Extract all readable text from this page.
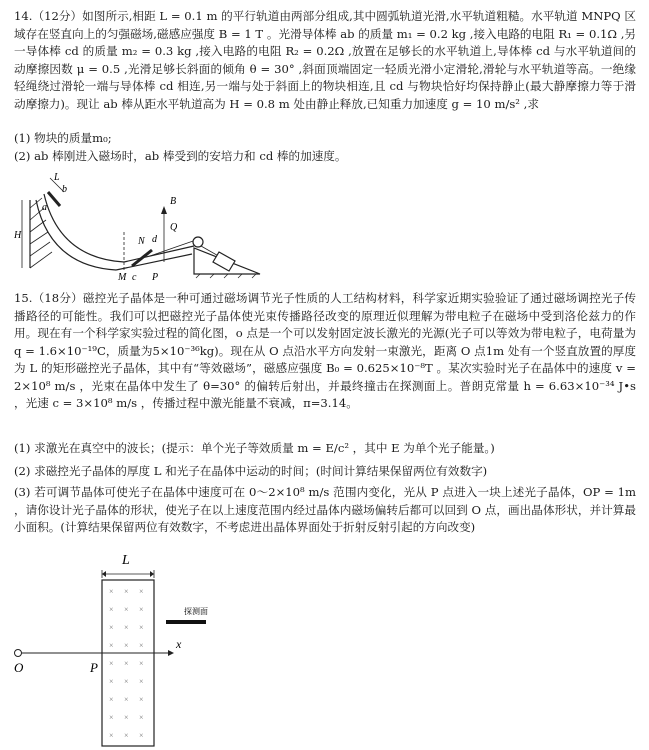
14.（12分）如图所示,相距 L = 0.1 m 的平行轨道由两部分组成,其中圆弧轨道光滑,水平轨道粗糙。水平轨道 MNPQ 区域存在竖直向上的匀强磁场,磁感应强度 B = 1 T 。光滑导体棒 ab 的质量 m₁ = 0.2 kg ,接入电路的电阻 R₁ = 0.1Ω ,另一导体棒 cd 的质量 m₂ = 0.3 kg ,接入电路的电阻 R₂ = 0.2Ω ,放置在足够长的水平轨道上,导体棒 cd 与水平轨道间的动摩擦因数 μ = 0.5 ,光滑足够长斜面的倾角 θ = 30° ,斜面顶端固定一轻质光滑小定滑轮,滑轮与水平轨道等高。一绝缘轻绳绕过滑轮一端与导体棒 cd 相连,另一端与处于斜面上的物块相连,且 cd 与物块恰好均保持静止(最大静摩擦力等于滑动摩擦力)。现让 ab 棒从距水平轨道高为 H = 0.8 m 处由静止释放,已知重力加速度 g = 10 m/s² ,求
(1) 物块的质量m₀;
(2) ab 棒刚进入磁场时，ab 棒受到的安培力和 cd 棒的加速度。
L
a
b
H
M c P
N d
B
Q
15.（18分）磁控光子晶体是一种可通过磁场调节光子性质的人工结构材料，科学家近期实验验证了通过磁场调控光子传播路径的可能性。我们可以把磁控光子晶体使光束传播路径改变的原理近似理解为带电粒子在磁场中受到洛伦兹力的作用。现在有一个科学家实验过程的简化图，o 点是一个可以发射固定波长激光的光源(光子可以等效为带电粒子，电荷量为q = 1.6×10⁻¹⁹C，质量为5×10⁻³⁶kg)。现在从 O 点沿水平方向发射一束激光，距离 O 点1m 处有一个竖直放置的厚度为 L 的矩形磁控光子晶体，其中有“等效磁场”，磁感应强度 B₀ = 0.625×10⁻⁸T 。某次实验时光子在晶体中的速度 v = 2×10⁸ m/s ，光束在晶体中发生了 θ=30° 的偏转后射出，并最终撞击在探测面上。普朗克常量 h = 6.63×10⁻³⁴ J•s ，光速 c = 3×10⁸ m/s ，传播过程中激光能量不衰减，π=3.14。
(1) 求激光在真空中的波长；(提示：单个光子等效质量 m = E/c² ，其中 E 为单个光子能量。)
(2) 求磁控光子晶体的厚度 L 和光子在晶体中运动的时间；(时间计算结果保留两位有效数字)
(3) 若可调节晶体可使光子在晶体中速度可在 0～2×10⁸ m/s 范围内变化，光从 P 点进入一块上述光子晶体，OP = 1m ，请你设计光子晶体的形状，使光子在以上速度范围内经过晶体内磁场偏转后都可以回到 O 点，画出晶体形状，并计算最小面积。(计算结果保留两位有效数字，不考虑进出晶体界面处于折射反射引起的方向改变)
L
× × ×
× × ×
× × ×
× × ×
× × ×
× × ×
× × ×
× × ×
× × ×
探测面
x
O	P
